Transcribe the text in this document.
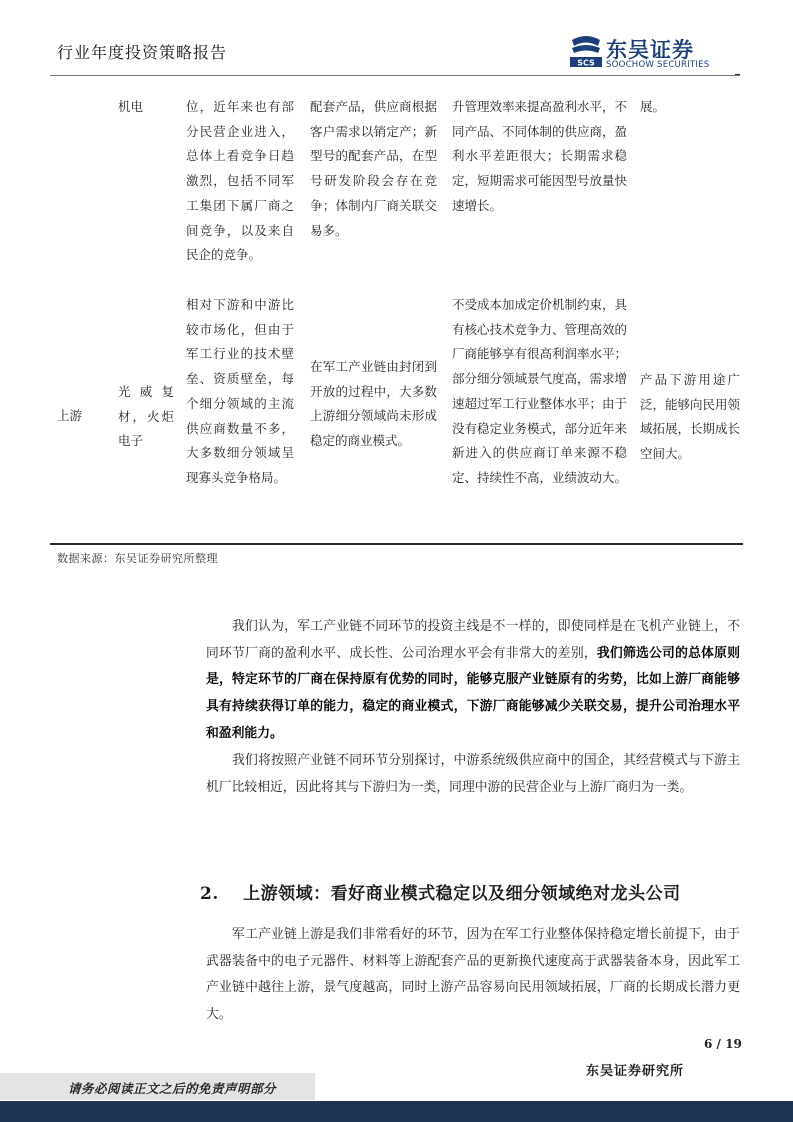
行业年度投资策略报告
SCS
东吴证券
SOOCHOW SECURITIES
机电	位，近年来也有部分民营企业进入，总体上看竞争日趋激烈，包括不同军工集团下属厂商之间竞争，以及来自民企的竞争。
配套产品，供应商根据客户需求以销定产；新型号的配套产品，在型号研发阶段会存在竞争；体制内厂商关联交易多。
升管理效率来提高盈利水平，不同产品、不同体制的供应商，盈利水平差距很大；长期需求稳定，短期需求可能因型号放量快速增长。
展。
上游
光威复材，火炬电子
相对下游和中游比较市场化，但由于军工行业的技术壁垒、资质壁垒，每个细分领域的主流供应商数量不多，大多数细分领域呈现寡头竞争格局。
在军工产业链由封闭到开放的过程中，大多数上游细分领域尚未形成稳定的商业模式。
不受成本加成定价机制约束，具有核心技术竞争力、管理高效的厂商能够享有很高利润率水平；部分细分领域景气度高，需求增速超过军工行业整体水平；由于没有稳定业务模式，部分近年来新进入的供应商订单来源不稳定、持续性不高，业绩波动大。
产品下游用途广泛，能够向民用领域拓展，长期成长空间大。
数据来源：东吴证券研究所整理
我们认为，军工产业链不同环节的投资主线是不一样的，即使同样是在飞机产业链上，不同环节厂商的盈利水平、成长性、公司治理水平会有非常大的差别，我们筛选公司的总体原则是，特定环节的厂商在保持原有优势的同时，能够克服产业链原有的劣势，比如上游厂商能够具有持续获得订单的能力，稳定的商业模式，下游厂商能够减少关联交易，提升公司治理水平和盈利能力。
我们将按照产业链不同环节分别探讨，中游系统级供应商中的国企，其经营模式与下游主机厂比较相近，因此将其与下游归为一类，同理中游的民营企业与上游厂商归为一类。
2. 上游领域：看好商业模式稳定以及细分领域绝对龙头公司
军工产业链上游是我们非常看好的环节，因为在军工行业整体保持稳定增长前提下，由于武器装备中的电子元器件、材料等上游配套产品的更新换代速度高于武器装备本身，因此军工产业链中越往上游，景气度越高，同时上游产品容易向民用领域拓展，厂商的长期成长潜力更大。
6 / 19
东吴证券研究所
请务必阅读正文之后的免责声明部分
